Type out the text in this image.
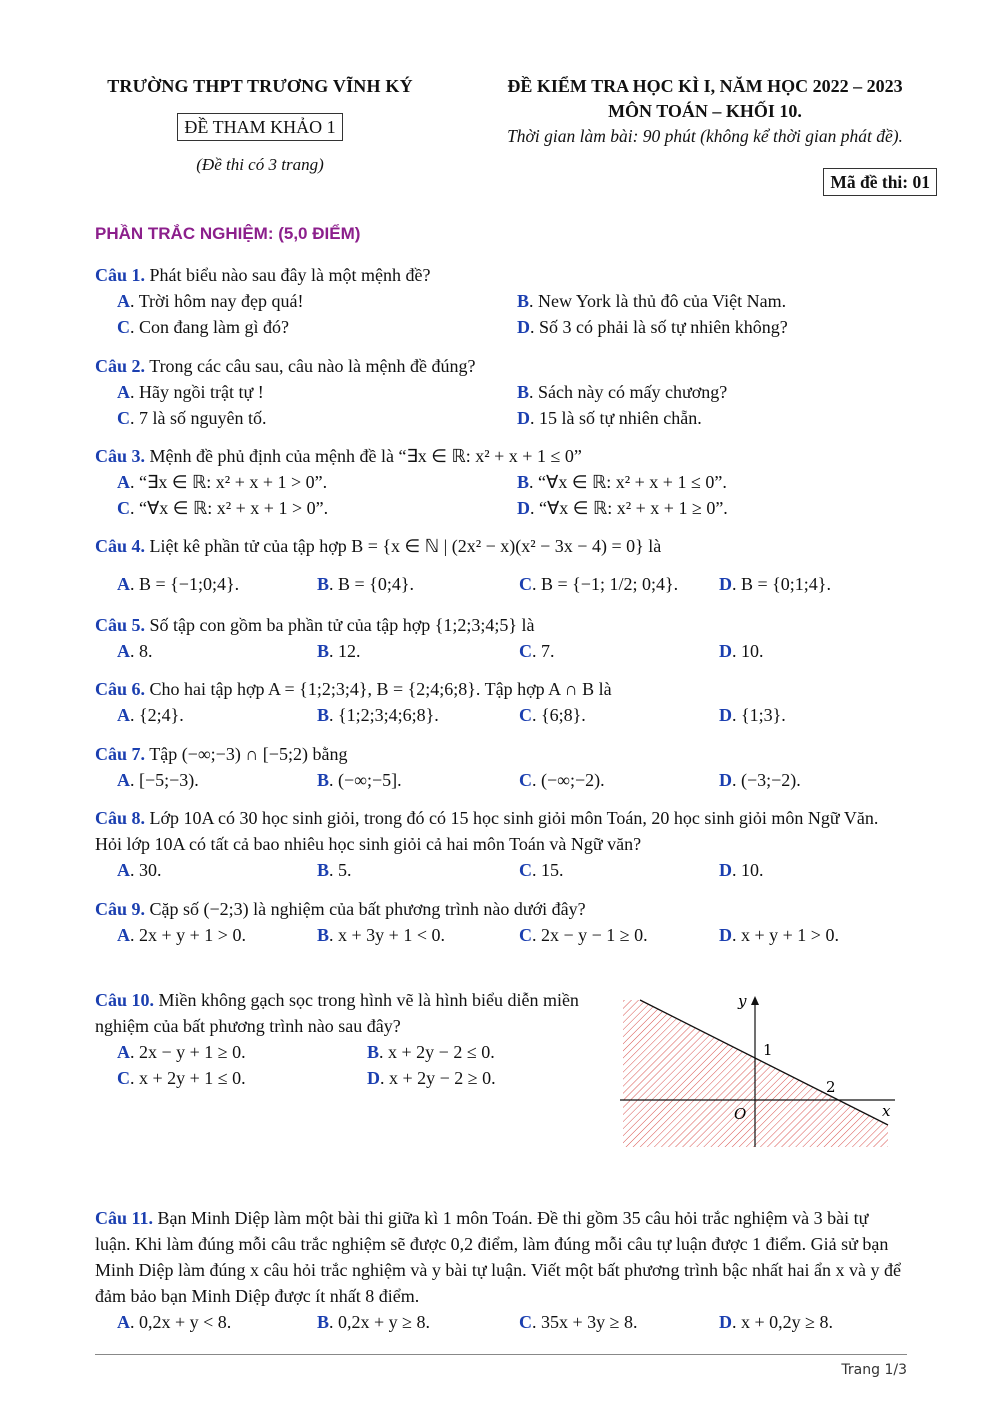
TRƯỜNG THPT TRƯƠNG VĨNH KÝ
ĐỀ THAM KHẢO 1
(Đề thi có 3 trang)
ĐỀ KIỂM TRA HỌC KÌ I, NĂM HỌC 2022 – 2023
MÔN TOÁN – KHỐI 10.
Thời gian làm bài: 90 phút (không kể thời gian phát đề).
Mã đề thi: 01
PHẦN TRẮC NGHIỆM: (5,0 ĐIỂM)
Câu 1. Phát biểu nào sau đây là một mệnh đề?
A. Trời hôm nay đẹp quá!	B. New York là thủ đô của Việt Nam.
C. Con đang làm gì đó?	D. Số 3 có phải là số tự nhiên không?
Câu 2. Trong các câu sau, câu nào là mệnh đề đúng?
A. Hãy ngồi trật tự !	B. Sách này có mấy chương?
C. 7 là số nguyên tố.	D. 15 là số tự nhiên chẵn.
Câu 3. Mệnh đề phủ định của mệnh đề là “∃x ∈ ℝ: x² + x + 1 ≤ 0”
A. “∃x ∈ ℝ: x² + x + 1 > 0”.	B. “∀x ∈ ℝ: x² + x + 1 ≤ 0”.
C. “∀x ∈ ℝ: x² + x + 1 > 0”.	D. “∀x ∈ ℝ: x² + x + 1 ≥ 0”.
Câu 4. Liệt kê phần tử của tập hợp B = {x ∈ ℕ | (2x² − x)(x² − 3x − 4) = 0} là
A. B = {−1;0;4}.	B. B = {0;4}.	C. B = {−1; 1/2; 0;4}. D. B = {0;1;4}.
Câu 5. Số tập con gồm ba phần tử của tập hợp {1;2;3;4;5} là
A. 8.	B. 12.	C. 7.	D. 10.
Câu 6. Cho hai tập hợp A = {1;2;3;4}, B = {2;4;6;8}. Tập hợp A ∩ B là
A. {2;4}.	B. {1;2;3;4;6;8}.	C. {6;8}.	D. {1;3}.
Câu 7. Tập (−∞;−3) ∩ [−5;2) bằng
A. [−5;−3).	B. (−∞;−5].	C. (−∞;−2).	D. (−3;−2).
Câu 8. Lớp 10A có 30 học sinh giỏi, trong đó có 15 học sinh giỏi môn Toán, 20 học sinh giỏi môn Ngữ Văn. Hỏi lớp 10A có tất cả bao nhiêu học sinh giỏi cả hai môn Toán và Ngữ văn?
A. 30.	B. 5.	C. 15.	D. 10.
Câu 9. Cặp số (−2;3) là nghiệm của bất phương trình nào dưới đây?
A. 2x + y + 1 > 0.	B. x + 3y + 1 < 0.	C. 2x − y − 1 ≥ 0.	D. x + y + 1 > 0.
Câu 10. Miền không gạch sọc trong hình vẽ là hình biểu diễn miền nghiệm của bất phương trình nào sau đây?
A. 2x − y + 1 ≥ 0.	B. x + 2y − 2 ≤ 0.
C. x + 2y + 1 ≤ 0.	D. x + 2y − 2 ≥ 0.
y
x
O
1
2
Câu 11. Bạn Minh Diệp làm một bài thi giữa kì 1 môn Toán. Đề thi gồm 35 câu hỏi trắc nghiệm và 3 bài tự luận. Khi làm đúng mỗi câu trắc nghiệm sẽ được 0,2 điểm, làm đúng mỗi câu tự luận được 1 điểm. Giả sử bạn Minh Diệp làm đúng x câu hỏi trắc nghiệm và y bài tự luận. Viết một bất phương trình bậc nhất hai ẩn x và y để đảm bảo bạn Minh Diệp được ít nhất 8 điểm.
A. 0,2x + y < 8.	B. 0,2x + y ≥ 8.	C. 35x + 3y ≥ 8.	D. x + 0,2y ≥ 8.
Trang 1/3
